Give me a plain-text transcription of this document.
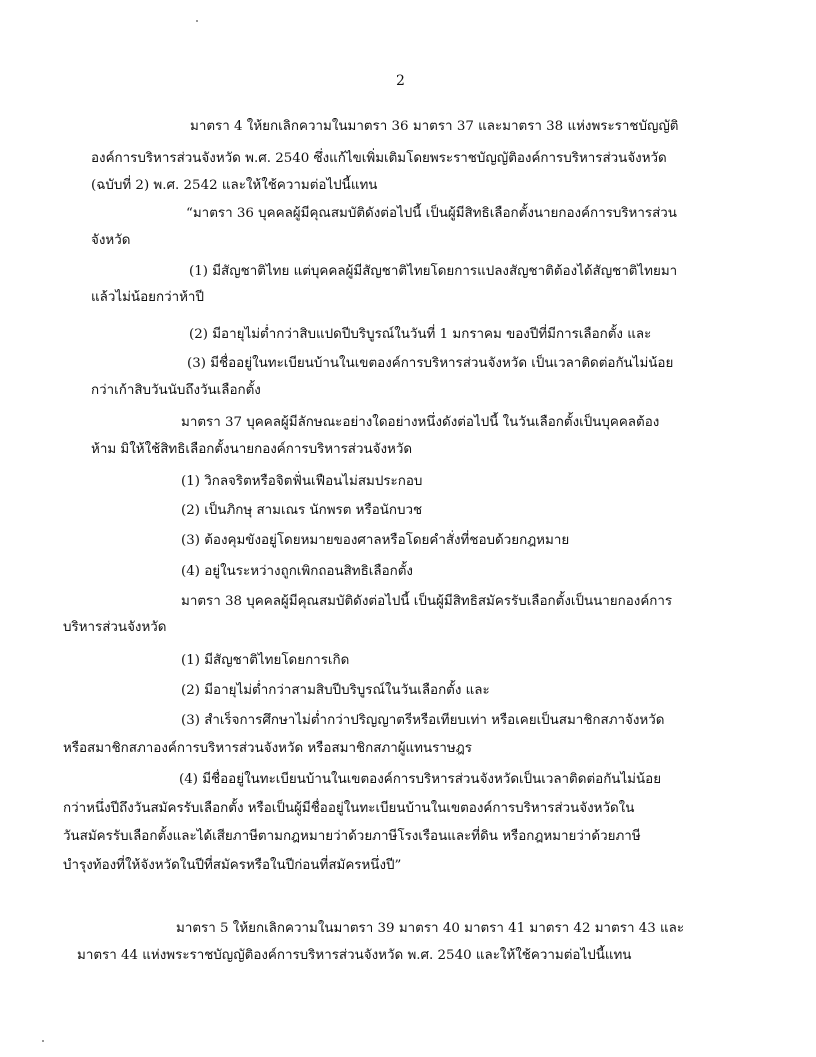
2
มาตรา 4 ให้ยกเลิกความในมาตรา 36 มาตรา 37 และมาตรา 38 แห่งพระราชบัญญัติ
องค์การบริหารส่วนจังหวัด พ.ศ. 2540 ซึ่งแก้ไขเพิ่มเติมโดยพระราชบัญญัติองค์การบริหารส่วนจังหวัด
(ฉบับที่ 2) พ.ศ. 2542 และให้ใช้ความต่อไปนี้แทน
“มาตรา 36 บุคคลผู้มีคุณสมบัติดังต่อไปนี้ เป็นผู้มีสิทธิเลือกตั้งนายกองค์การบริหารส่วน
จังหวัด
(1) มีสัญชาติไทย แต่บุคคลผู้มีสัญชาติไทยโดยการแปลงสัญชาติต้องได้สัญชาติไทยมา
แล้วไม่น้อยกว่าห้าปี
(2) มีอายุไม่ต่ำกว่าสิบแปดปีบริบูรณ์ในวันที่ 1 มกราคม ของปีที่มีการเลือกตั้ง และ
(3) มีชื่ออยู่ในทะเบียนบ้านในเขตองค์การบริหารส่วนจังหวัด เป็นเวลาติดต่อกันไม่น้อย
กว่าเก้าสิบวันนับถึงวันเลือกตั้ง
มาตรา 37 บุคคลผู้มีลักษณะอย่างใดอย่างหนึ่งดังต่อไปนี้ ในวันเลือกตั้งเป็นบุคคลต้อง
ห้าม มิให้ใช้สิทธิเลือกตั้งนายกองค์การบริหารส่วนจังหวัด
(1) วิกลจริตหรือจิตฟั่นเฟือนไม่สมประกอบ
(2) เป็นภิกษุ สามเณร นักพรต หรือนักบวช
(3) ต้องคุมขังอยู่โดยหมายของศาลหรือโดยคำสั่งที่ชอบด้วยกฎหมาย
(4) อยู่ในระหว่างถูกเพิกถอนสิทธิเลือกตั้ง
มาตรา 38 บุคคลผู้มีคุณสมบัติดังต่อไปนี้ เป็นผู้มีสิทธิสมัครรับเลือกตั้งเป็นนายกองค์การ
บริหารส่วนจังหวัด
(1) มีสัญชาติไทยโดยการเกิด
(2) มีอายุไม่ต่ำกว่าสามสิบปีบริบูรณ์ในวันเลือกตั้ง และ
(3) สำเร็จการศึกษาไม่ต่ำกว่าปริญญาตรีหรือเทียบเท่า หรือเคยเป็นสมาชิกสภาจังหวัด
หรือสมาชิกสภาองค์การบริหารส่วนจังหวัด หรือสมาชิกสภาผู้แทนราษฎร
(4) มีชื่ออยู่ในทะเบียนบ้านในเขตองค์การบริหารส่วนจังหวัดเป็นเวลาติดต่อกันไม่น้อย
กว่าหนึ่งปีถึงวันสมัครรับเลือกตั้ง หรือเป็นผู้มีชื่ออยู่ในทะเบียนบ้านในเขตองค์การบริหารส่วนจังหวัดใน
วันสมัครรับเลือกตั้งและได้เสียภาษีตามกฎหมายว่าด้วยภาษีโรงเรือนและที่ดิน หรือกฎหมายว่าด้วยภาษี
บำรุงท้องที่ให้จังหวัดในปีที่สมัครหรือในปีก่อนที่สมัครหนึ่งปี”
มาตรา 5 ให้ยกเลิกความในมาตรา 39 มาตรา 40 มาตรา 41 มาตรา 42 มาตรา 43 และ
มาตรา 44 แห่งพระราชบัญญัติองค์การบริหารส่วนจังหวัด พ.ศ. 2540 และให้ใช้ความต่อไปนี้แทน
